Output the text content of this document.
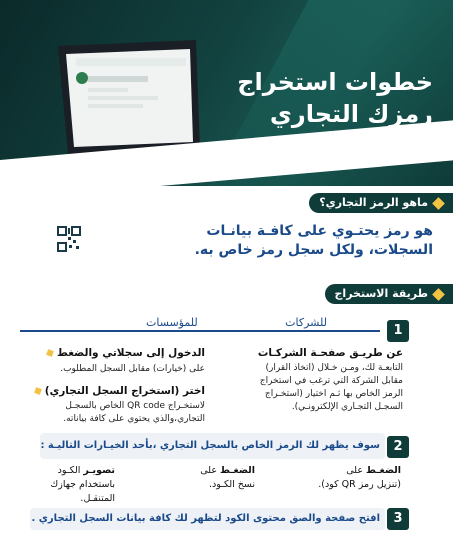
خطوات استخراج
رمزك التجاري
ماهو الرمز التجاري؟
هو رمز يحتـوي على كافـة بيانـات
السجلات، ولكل سجل رمز خاص به.
طريقة الاستخراج
1
للشركات
للمؤسسات
عن طريـق صفحـة الشركـات
التابعـة لك، ومـن خـلال (اتخاذ القرار)
مقابل الشركة التي ترغب في استخراج
الرمز الخاص بها ثـم اختيار (استخـراج
السجـل التجـاري الإلكترونـي).
الدخول إلى سجلاتي والضغط
على (خيارات) مقابل السجل المطلوب.
اختر (استخراج السجل التجاري)
لاستخـراج QR code الخاص بالسجـل
التجاري،والذي يحتوي على كافة بياناته.
2
سوف يظهر لك الرمز الخاص بالسجل التجاري ،بأحد الخيـارات التاليـة :
الضغـط على
(تنزيل رمز QR كود).
الضغـط على
نسخ الكـود.
تصويـر الكـود
باستخدام جهازك
المتنقـل.
3
افتح صفحة والصق محتوى الكود لتظهر لك كافة بيانات السجل التجاري .
